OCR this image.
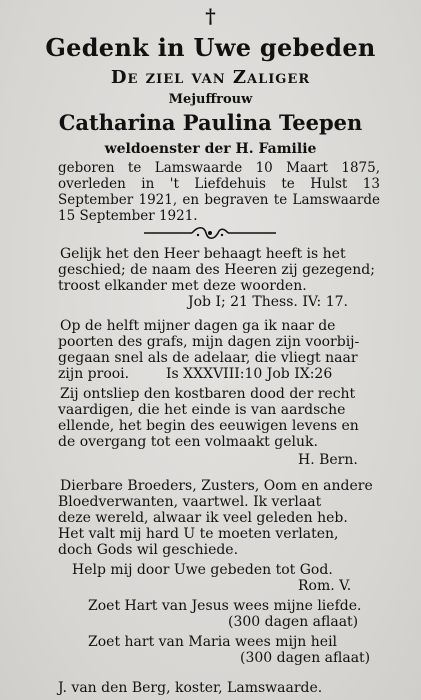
†
Gedenk in Uwe gebeden
De ziel van Zaliger
Mejuffrouw
Catharina Paulina Teepen
weldoenster der H. Familie
geboren te Lamswaarde 10 Maart 1875, overleden in 't Liefdehuis te Hulst 13 September 1921, en begraven te Lamswaarde 15 September 1921.
Gelijk het den Heer behaagt heeft is het
geschied; de naam des Heeren zij gezegend;
troost elkander met deze woorden.
Job I; 21 Thess. IV: 17.
Op de helft mijner dagen ga ik naar de
poorten des grafs, mijn dagen zijn voorbij-
gegaan snel als de adelaar, die vliegt naar
zijn prooi.	Is XXXVIII:10 Job IX:26
Zij ontsliep den kostbaren dood der recht
vaardigen, die het einde is van aardsche
ellende, het begin des eeuwigen levens en
de overgang tot een volmaakt geluk.
H. Bern.
Dierbare Broeders, Zusters, Oom en andere
Bloedverwanten, vaartwel. Ik verlaat
deze wereld, alwaar ik veel geleden heb.
Het valt mij hard U te moeten verlaten,
doch Gods wil geschiede.
Help mij door Uwe gebeden tot God.
Rom. V.
Zoet Hart van Jesus wees mijne liefde.
(300 dagen aflaat)
Zoet hart van Maria wees mijn heil
(300 dagen aflaat)
J. van den Berg, koster, Lamswaarde.
